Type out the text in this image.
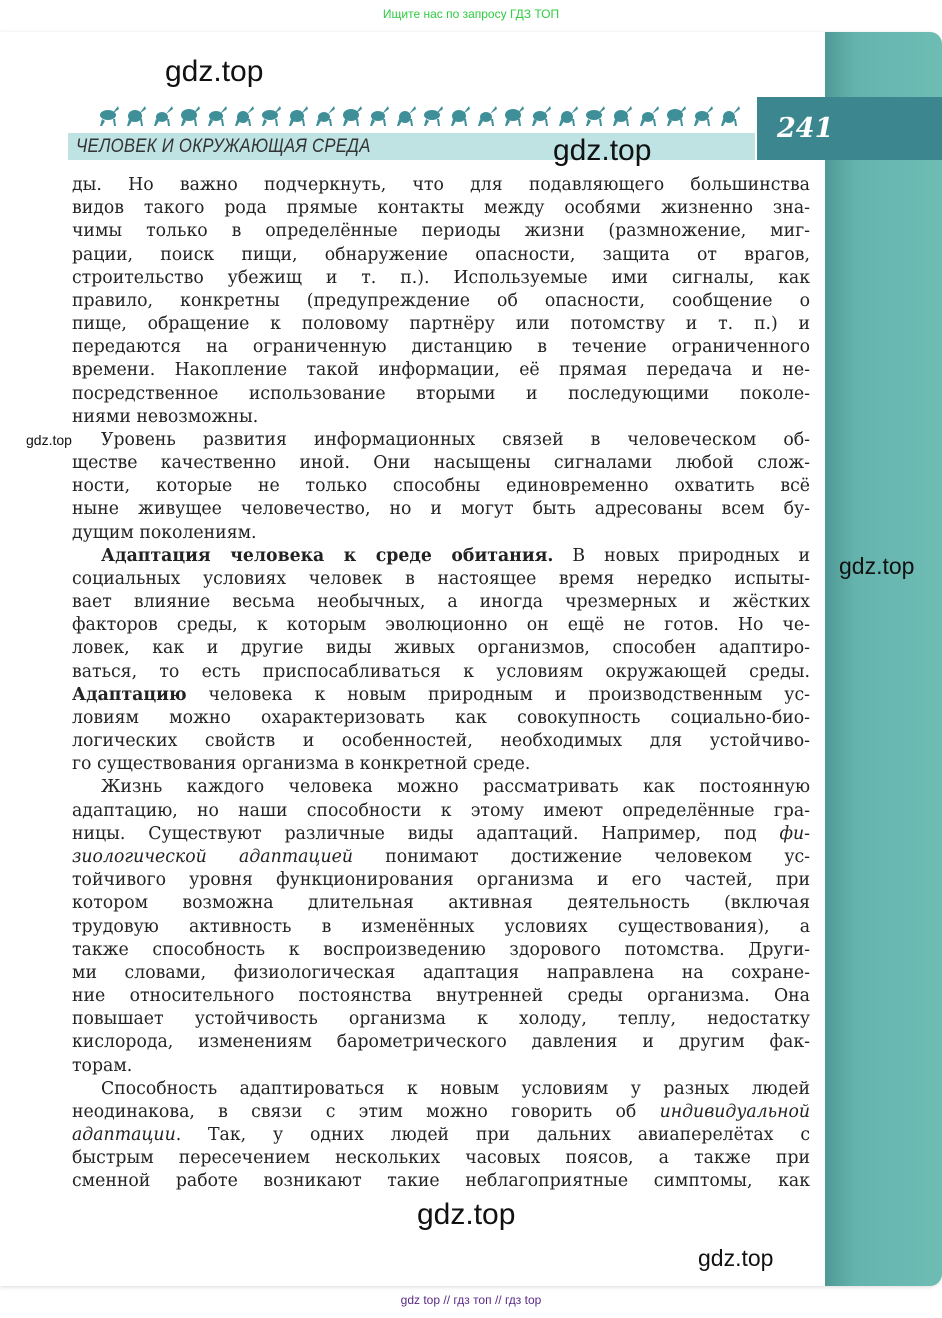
Ищите нас по запросу ГДЗ ТОП
ЧЕЛОВЕК И ОКРУЖАЮЩАЯ СРЕДА
241
gdz.top
gdz.top
gdz.top
gdz.top
gdz.top
gdz.top
ды. Но важно подчеркнуть, что для подавляющего большинства
видов такого рода прямые контакты между особями жизненно зна-
чимы только в определённые периоды жизни (размножение, миг-
рации, поиск пищи, обнаружение опасности, защита от врагов,
строительство убежищ и т. п.). Используемые ими сигналы, как
правило, конкретны (предупреждение об опасности, сообщение о
пище, обращение к половому партнёру или потомству и т. п.) и
передаются на ограниченную дистанцию в течение ограниченного
времени. Накопление такой информации, её прямая передача и не-
посредственное использование вторыми и последующими поколе-
ниями невозможны.
Уровень развития информационных связей в человеческом об-
ществе качественно иной. Они насыщены сигналами любой слож-
ности, которые не только способны единовременно охватить всё
ныне живущее человечество, но и могут быть адресованы всем бу-
дущим поколениям.
Адаптация человека к среде обитания. В новых природных и
социальных условиях человек в настоящее время нередко испыты-
вает влияние весьма необычных, а иногда чрезмерных и жёстких
факторов среды, к которым эволюционно он ещё не готов. Но че-
ловек, как и другие виды живых организмов, способен адаптиро-
ваться, то есть приспосабливаться к условиям окружающей среды.
Адаптацию человека к новым природным и производственным ус-
ловиям можно охарактеризовать как совокупность социально-био-
логических свойств и особенностей, необходимых для устойчиво-
го существования организма в конкретной среде.
Жизнь каждого человека можно рассматривать как постоянную
адаптацию, но наши способности к этому имеют определённые гра-
ницы. Существуют различные виды адаптаций. Например, под фи-
зиологической адаптацией понимают достижение человеком ус-
тойчивого уровня функционирования организма и его частей, при
котором возможна длительная активная деятельность (включая
трудовую активность в изменённых условиях существования), а
также способность к воспроизведению здорового потомства. Други-
ми словами, физиологическая адаптация направлена на сохране-
ние относительного постоянства внутренней среды организма. Она
повышает устойчивость организма к холоду, теплу, недостатку
кислорода, изменениям барометрического давления и другим фак-
торам.
Способность адаптироваться к новым условиям у разных людей
неодинакова, в связи с этим можно говорить об индивидуальной
адаптации. Так, у одних людей при дальних авиаперелётах с
быстрым пересечением нескольких часовых поясов, а также при
сменной работе возникают такие неблагоприятные симптомы, как
gdz top // гдз топ // гдз top
